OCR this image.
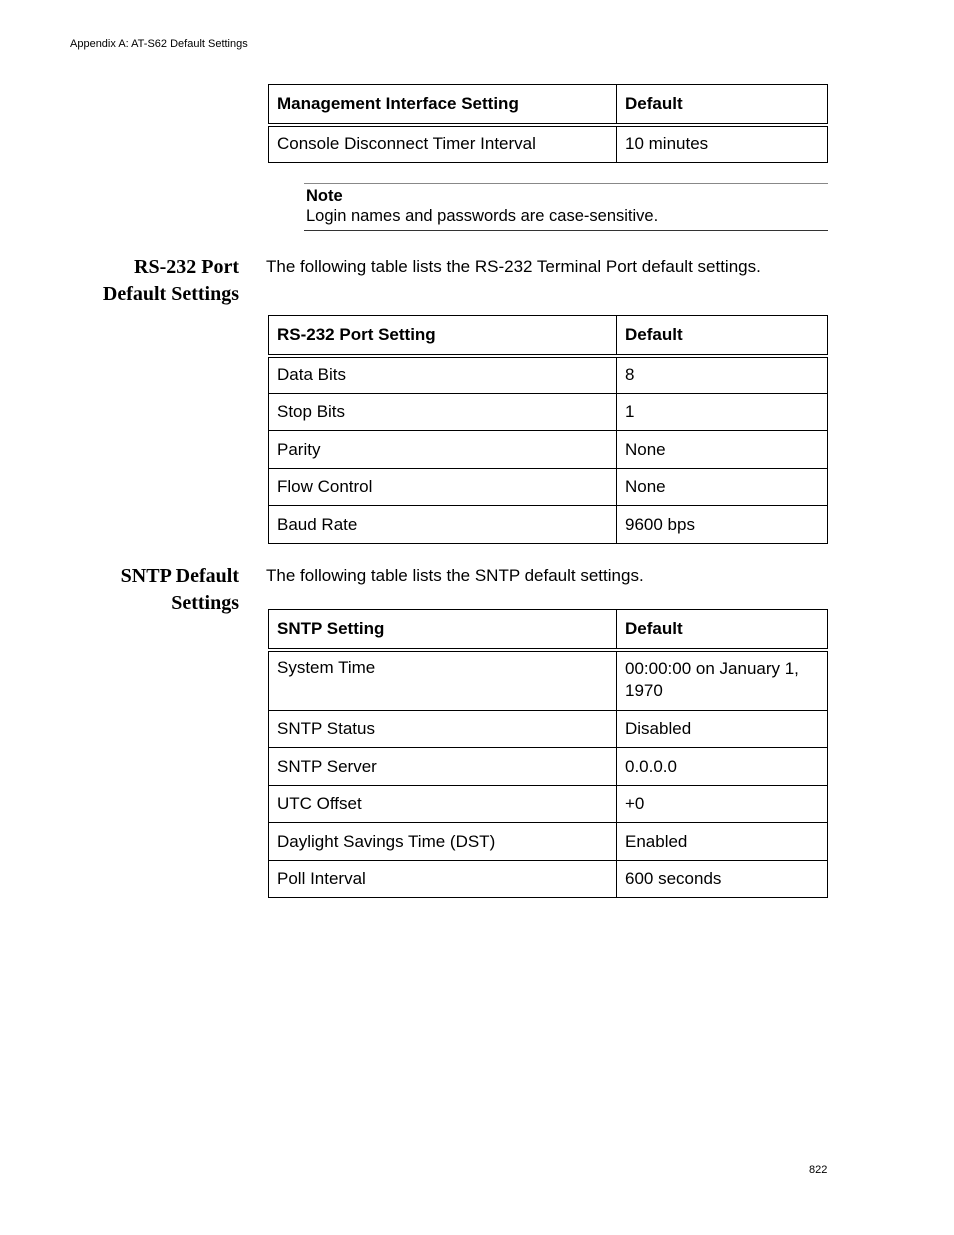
Appendix A: AT-S62 Default Settings
Management Interface Setting	Default
Console Disconnect Timer Interval	10 minutes
Note
Login names and passwords are case-sensitive.
RS-232 Port
Default Settings
The following table lists the RS-232 Terminal Port default settings.
RS-232 Port Setting	Default
Data Bits	8
Stop Bits	1
Parity	None
Flow Control	None
Baud Rate	9600 bps
SNTP Default
Settings
The following table lists the SNTP default settings.
SNTP Setting	Default
System Time	00:00:00 on January 1, 1970
SNTP Status	Disabled
SNTP Server	0.0.0.0
UTC Offset	+0
Daylight Savings Time (DST)	Enabled
Poll Interval	600 seconds
822
